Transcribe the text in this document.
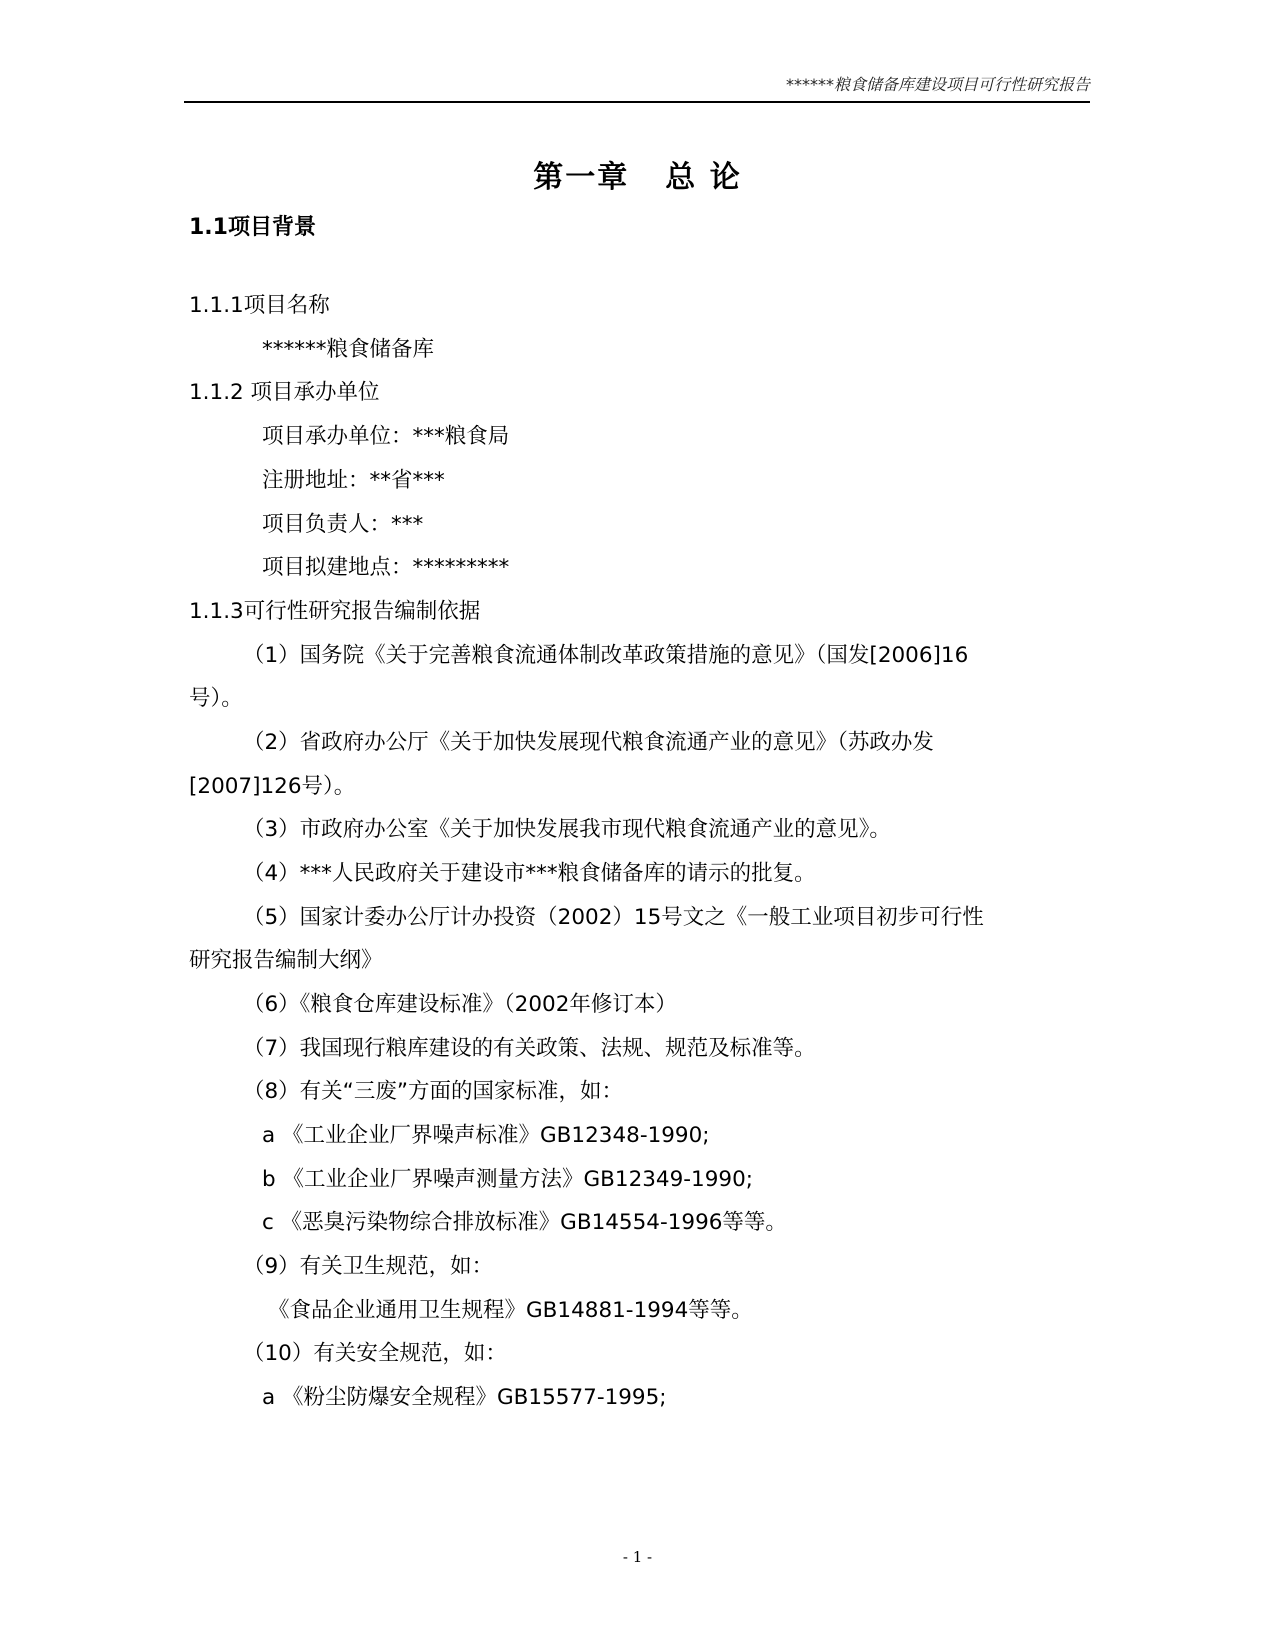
******粮食储备库建设项目可行性研究报告
第一章 总 论
1.1项目背景
1.1.1项目名称
******粮食储备库
1.1.2 项目承办单位
项目承办单位：***粮食局
注册地址：**省***
项目负责人：***
项目拟建地点：*********
1.1.3可行性研究报告编制依据
（1）国务院《关于完善粮食流通体制改革政策措施的意见》（国发[2006]16
号）。
（2）省政府办公厅《关于加快发展现代粮食流通产业的意见》（苏政办发
[2007]126号）。
（3）市政府办公室《关于加快发展我市现代粮食流通产业的意见》。
（4）***人民政府关于建设市***粮食储备库的请示的批复。
（5）国家计委办公厅计办投资（2002）15号文之《一般工业项目初步可行性
研究报告编制大纲》
（6）《粮食仓库建设标准》（2002年修订本）
（7）我国现行粮库建设的有关政策、法规、规范及标准等。
（8）有关“三废”方面的国家标准，如：
a 《工业企业厂界噪声标准》GB12348-1990;
b 《工业企业厂界噪声测量方法》GB12349-1990;
c 《恶臭污染物综合排放标准》GB14554-1996等等。
（9）有关卫生规范，如：
《食品企业通用卫生规程》GB14881-1994等等。
（10）有关安全规范，如：
a 《粉尘防爆安全规程》GB15577-1995;
- 1 -
